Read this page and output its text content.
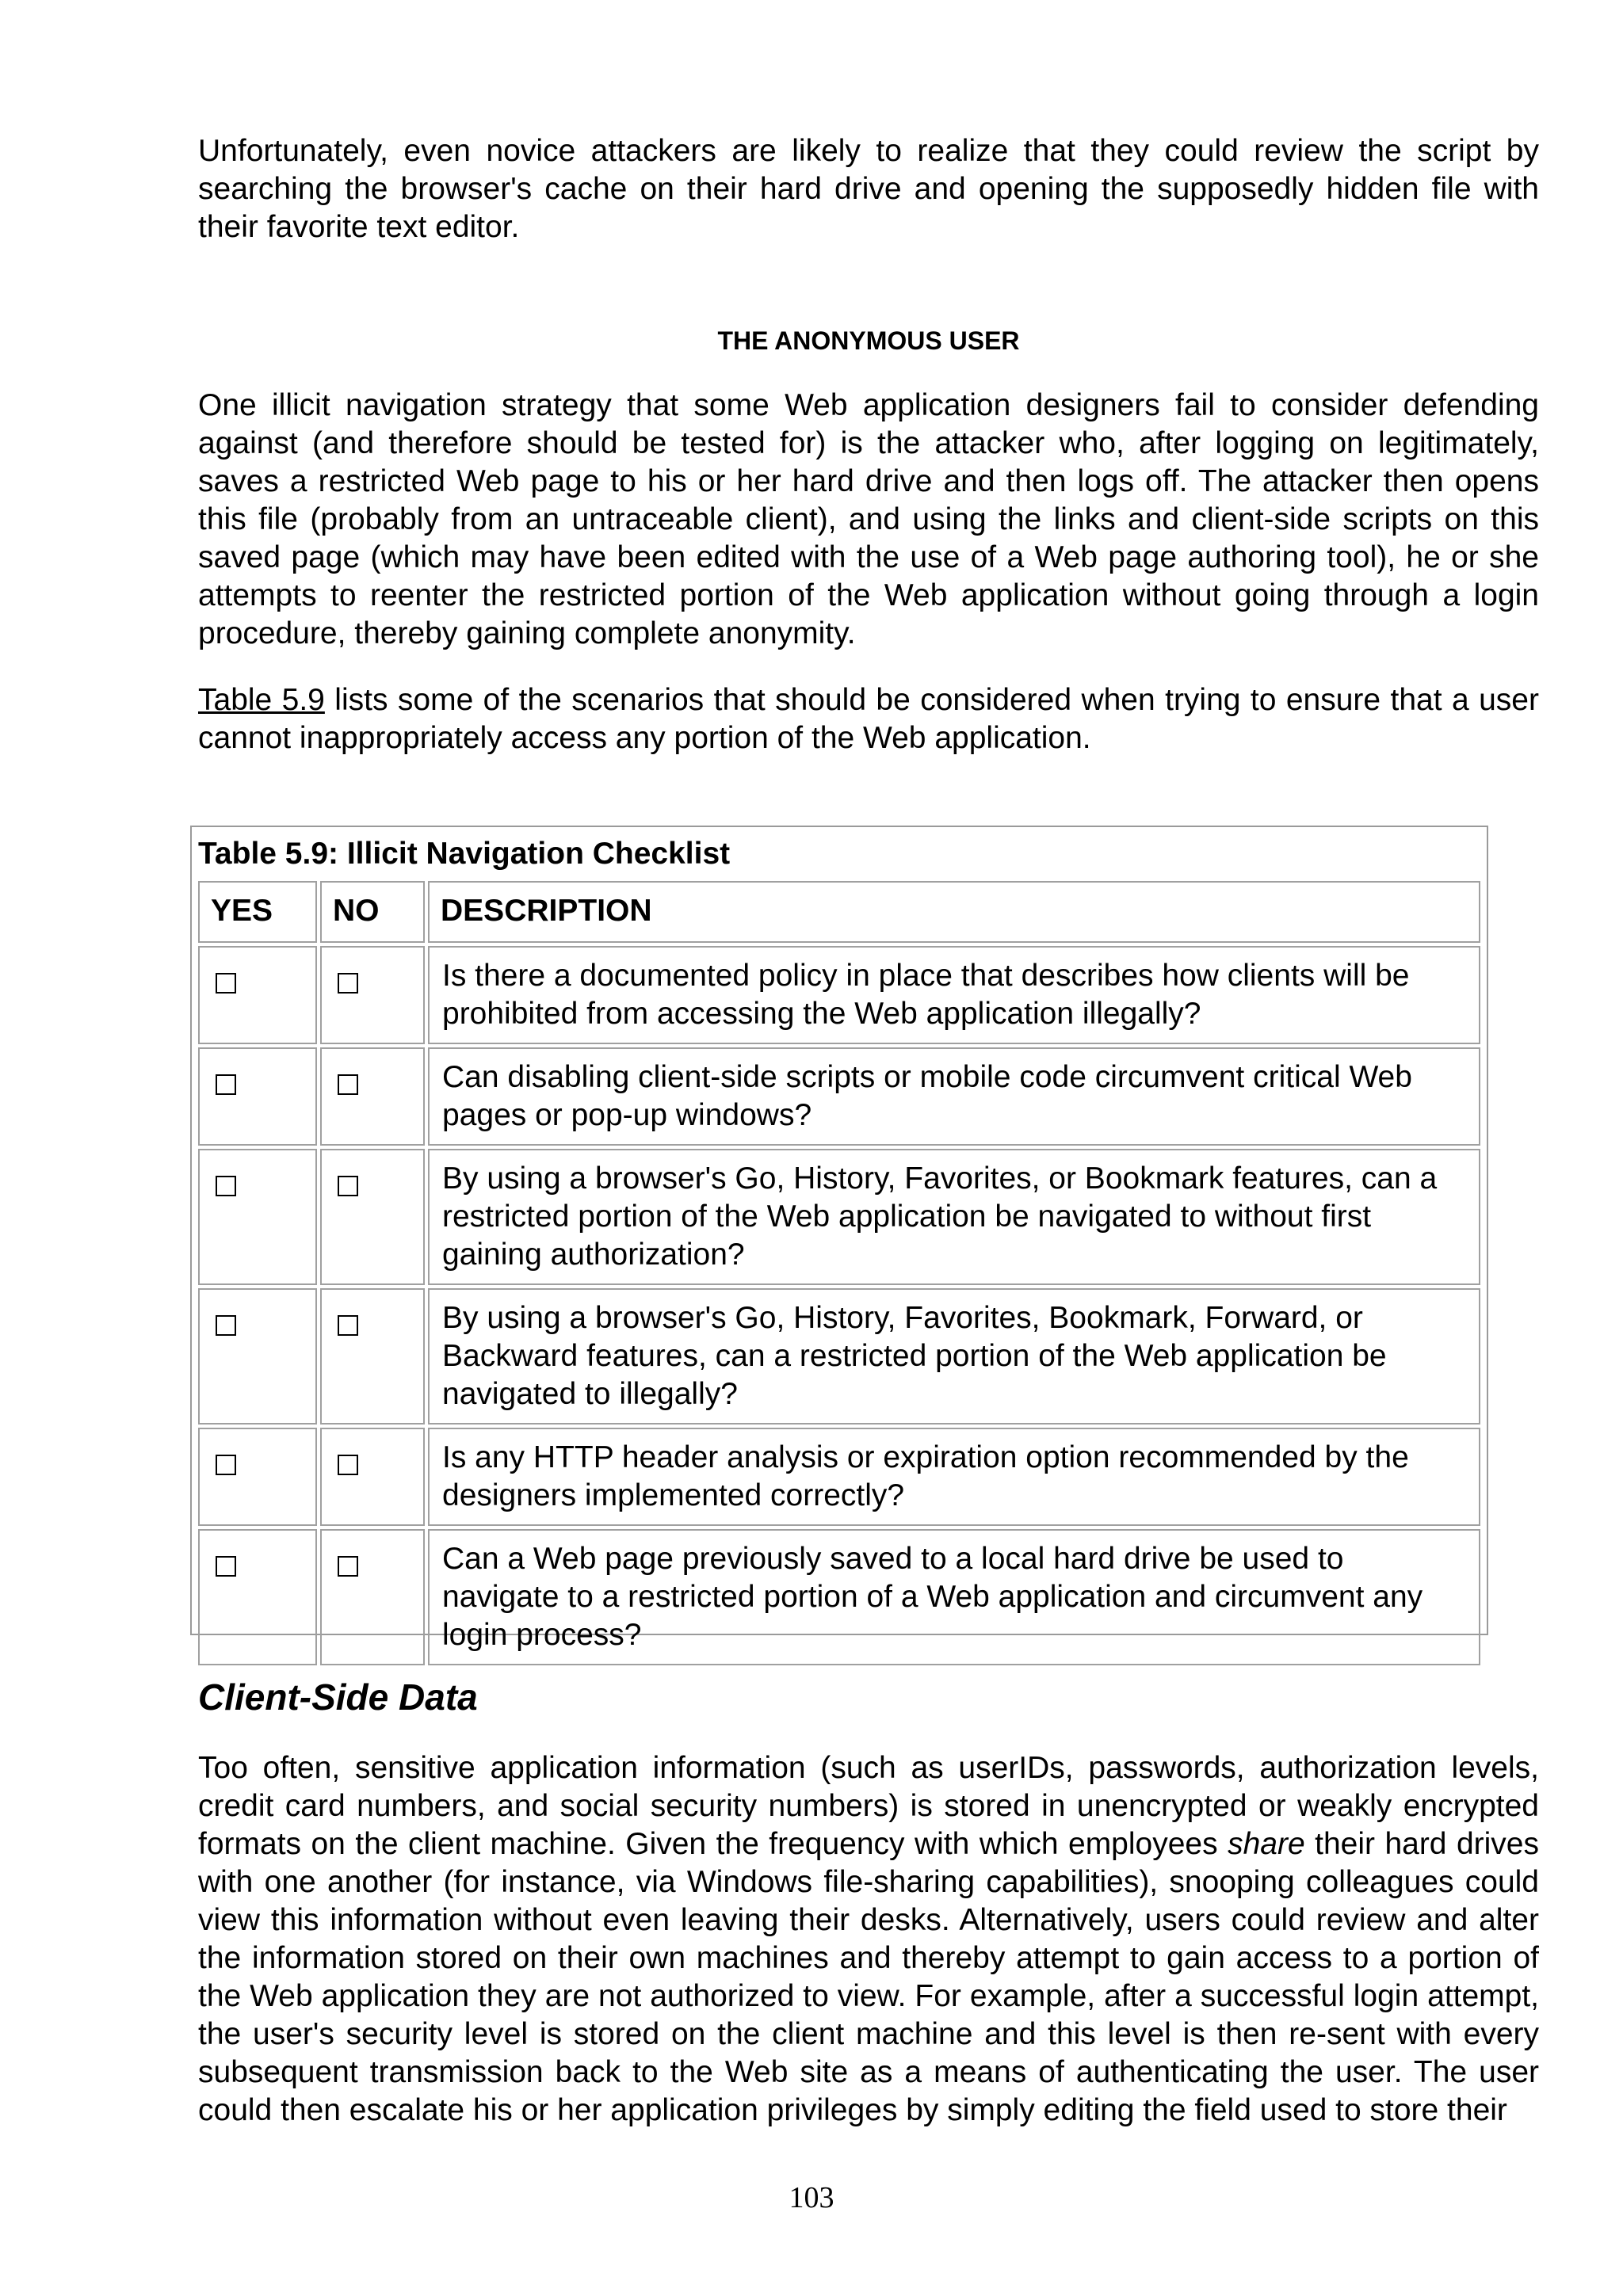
Unfortunately, even novice attackers are likely to realize that they could review the script by searching the browser's cache on their hard drive and opening the supposedly hidden file with their favorite text editor.

THE ANONYMOUS USER

One illicit navigation strategy that some Web application designers fail to consider defending against (and therefore should be tested for) is the attacker who, after logging on legitimately, saves a restricted Web page to his or her hard drive and then logs off. The attacker then opens this file (probably from an untraceable client), and using the links and client-side scripts on this saved page (which may have been edited with the use of a Web page authoring tool), he or she attempts to reenter the restricted portion of the Web application without going through a login procedure, thereby gaining complete anonymity.

Table 5.9 lists some of the scenarios that should be considered when trying to ensure that a user cannot inappropriately access any portion of the Web application.

Table 5.9: Illicit Navigation Checklist
YES	NO	DESCRIPTION
		Is there a documented policy in place that describes how clients will be prohibited from accessing the Web application illegally?
		Can disabling client-side scripts or mobile code circumvent critical Web pages or pop-up windows?
		By using a browser's Go, History, Favorites, or Bookmark features, can a restricted portion of the Web application be navigated to without first gaining authorization?
		By using a browser's Go, History, Favorites, Bookmark, Forward, or Backward features, can a restricted portion of the Web application be navigated to illegally?
		Is any HTTP header analysis or expiration option recommended by the designers implemented correctly?
		Can a Web page previously saved to a local hard drive be used to navigate to a restricted portion of a Web application and circumvent any login process?
Client-Side Data

Too often, sensitive application information (such as userIDs, passwords, authorization levels, credit card numbers, and social security numbers) is stored in unencrypted or weakly encrypted formats on the client machine. Given the frequency with which employees share their hard drives with one another (for instance, via Windows file-sharing capabilities), snooping colleagues could view this information without even leaving their desks. Alternatively, users could review and alter the information stored on their own machines and thereby attempt to gain access to a portion of the Web application they are not authorized to view. For example, after a successful login attempt, the user's security level is stored on the client machine and this level is then re-sent with every subsequent transmission back to the Web site as a means of authenticating the user. The user could then escalate his or her application privileges by simply editing the field used to store their

103
